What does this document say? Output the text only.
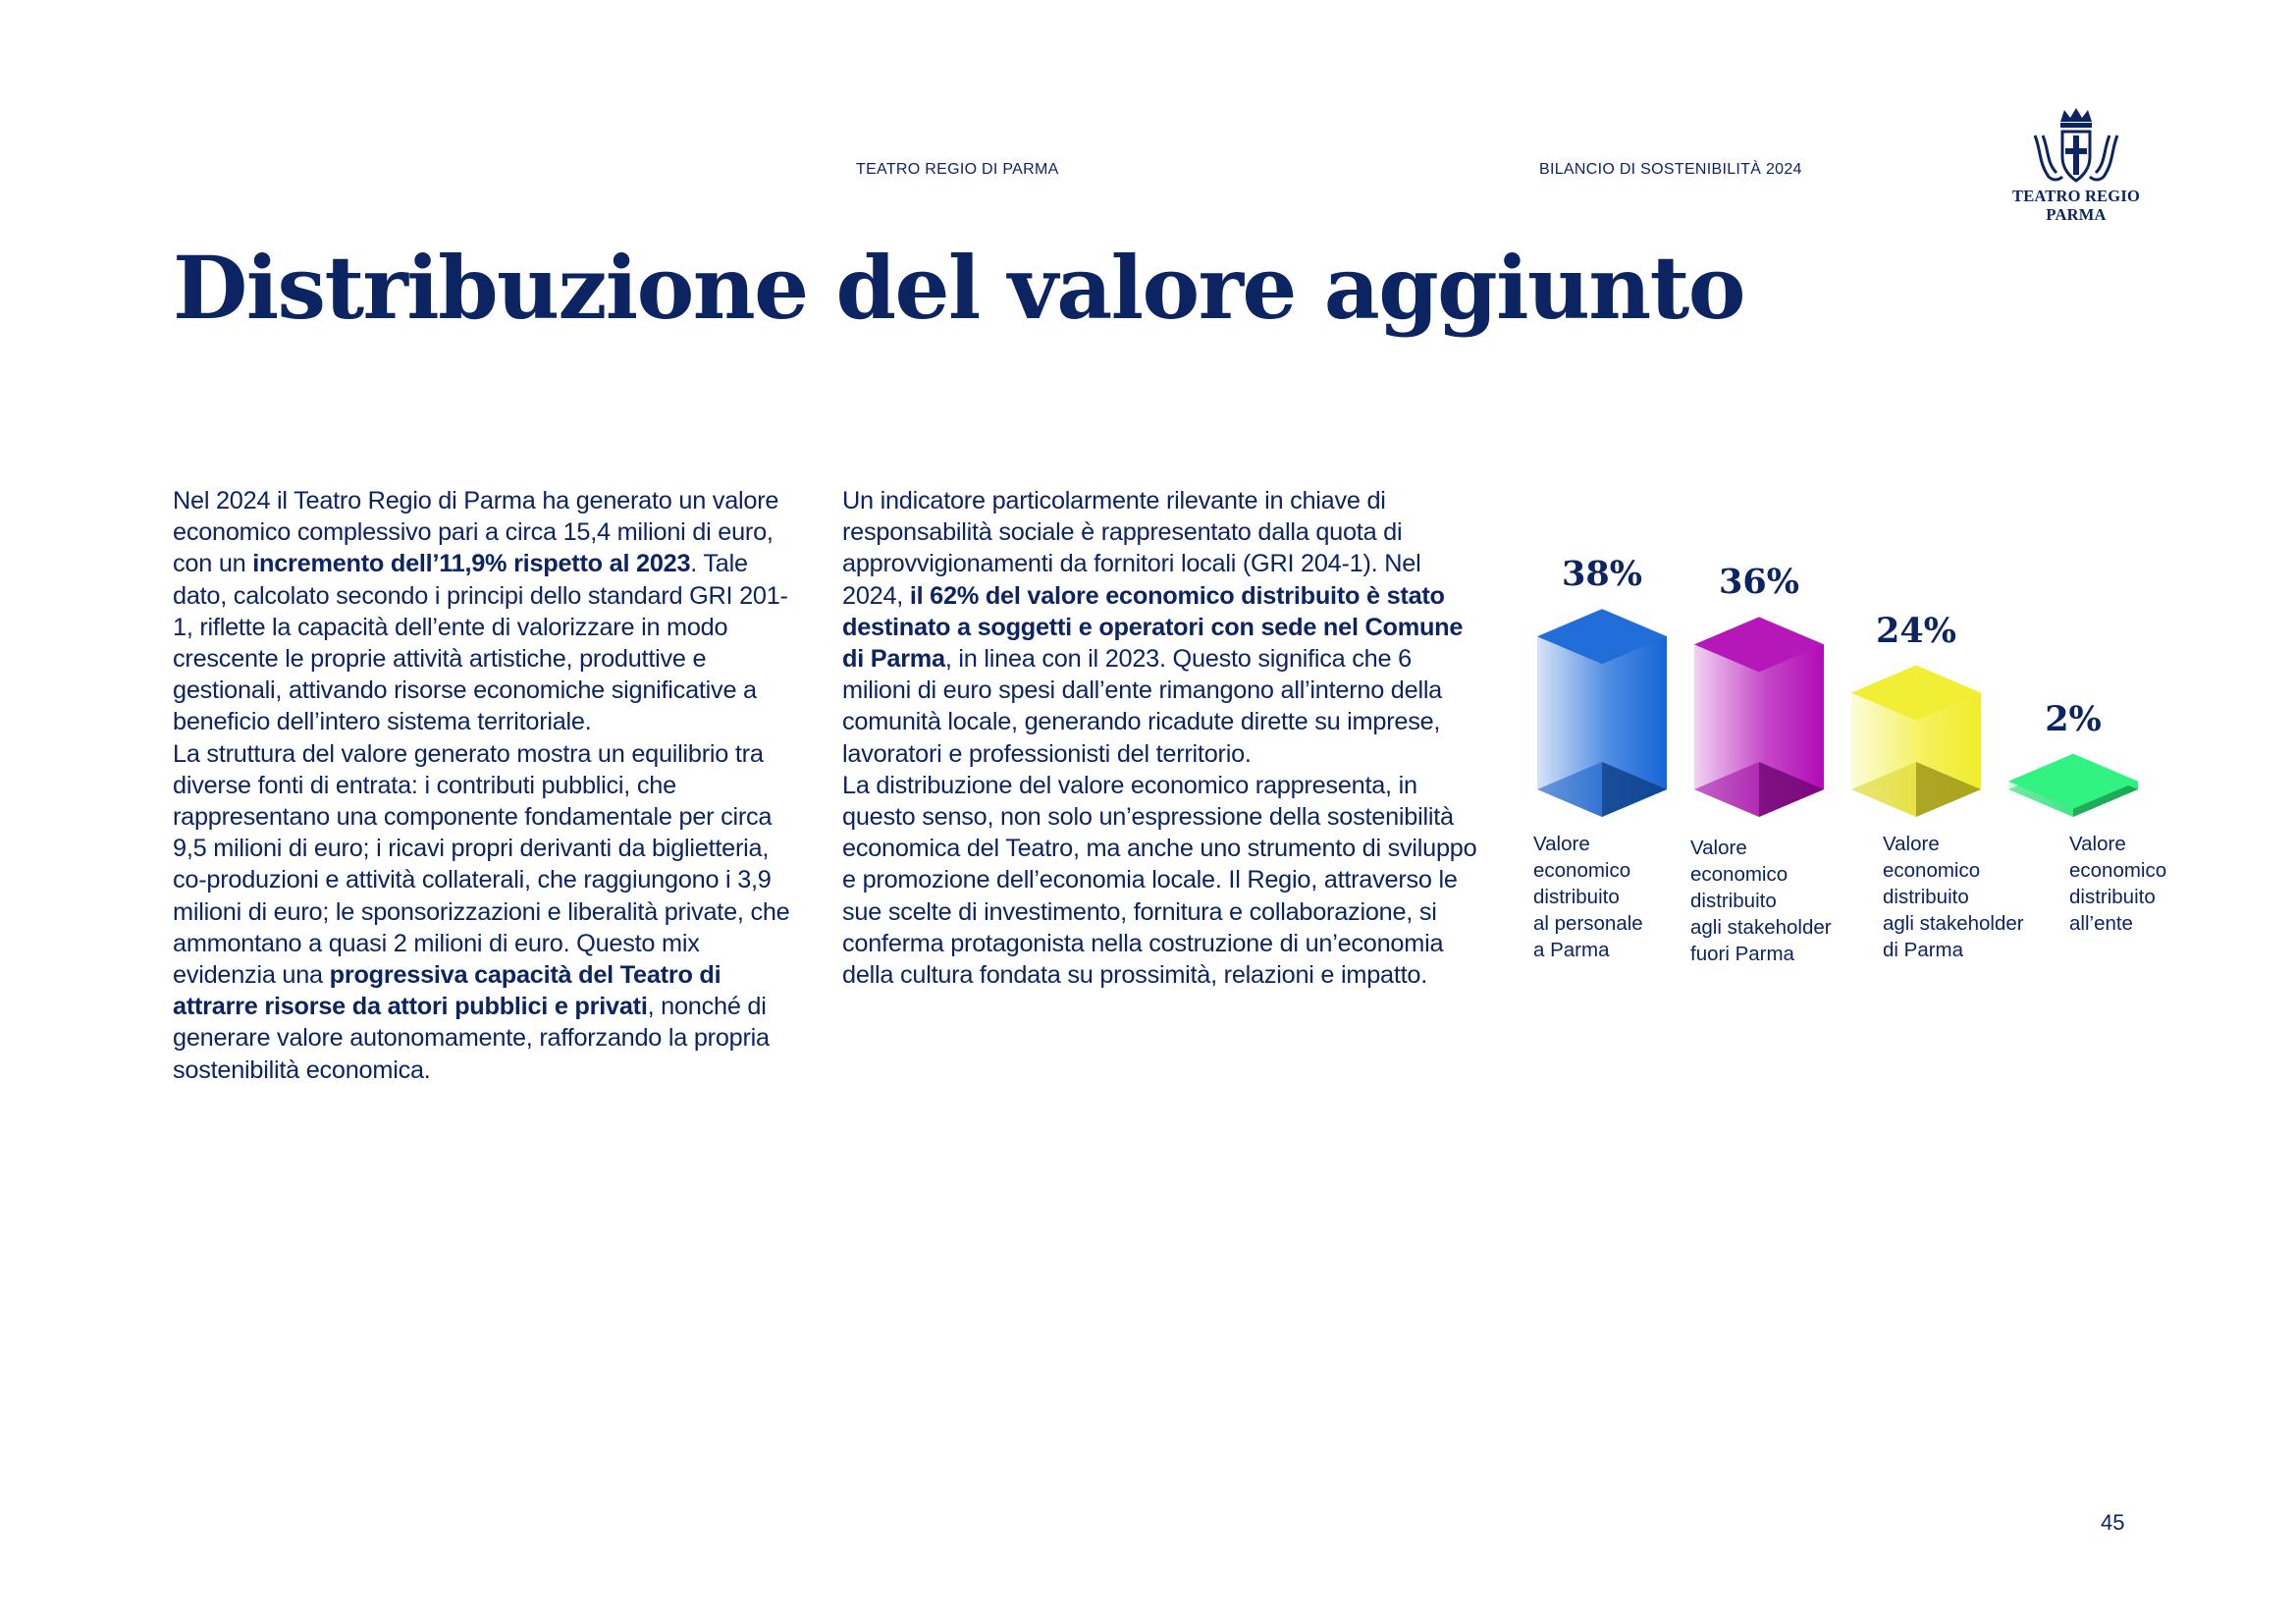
TEATRO REGIO DI PARMA	BILANCIO DI SOSTENIBILITÀ 2024
TEATRO REGIO
PARMA
Distribuzione del valore aggiunto

Nel 2024 il Teatro Regio di Parma ha generato un valore economico complessivo pari a circa 15,4 milioni di euro, con un incremento dell’11,9% rispetto al 2023. Tale dato, calcolato secondo i principi dello standard GRI 201-1, riflette la capacità dell’ente di valorizzare in modo crescente le proprie attività artistiche, produttive e gestionali, attivando risorse economiche significative a beneficio dell’intero sistema territoriale.

La struttura del valore generato mostra un equilibrio tra diverse fonti di entrata: i contributi pubblici, che rappresentano una componente fondamentale per circa 9,5 milioni di euro; i ricavi propri derivanti da biglietteria, co-produzioni e attività collaterali, che raggiungono i 3,9 milioni di euro; le sponsorizzazioni e liberalità private, che ammontano a quasi 2 milioni di euro. Questo mix evidenzia una progressiva capacità del Teatro di attrarre risorse da attori pubblici e privati, nonché di generare valore autonomamente, rafforzando la propria sostenibilità economica.

Un indicatore particolarmente rilevante in chiave di responsabilità sociale è rappresentato dalla quota di approvvigionamenti da fornitori locali (GRI 204-1). Nel 2024, il 62% del valore economico distribuito è stato destinato a soggetti e operatori con sede nel Comune di Parma, in linea con il 2023. Questo significa che 6 milioni di euro spesi dall’ente rimangono all’interno della comunità locale, generando ricadute dirette su imprese, lavoratori e professionisti del territorio.

La distribuzione del valore economico rappresenta, in questo senso, non solo un’espressione della sostenibilità economica del Teatro, ma anche uno strumento di sviluppo e promozione dell’economia locale. Il Regio, attraverso le sue scelte di investimento, fornitura e collaborazione, si conferma protagonista nella costruzione di un’economia della cultura fondata su prossimità, relazioni e impatto.

38%
Valore
economico
distribuito
al personale
a Parma
36%
Valore
economico
distribuito
agli stakeholder
fuori Parma
24%
Valore
economico
distribuito
agli stakeholder
di Parma
2%
Valore
economico
distribuito
all’ente
45
